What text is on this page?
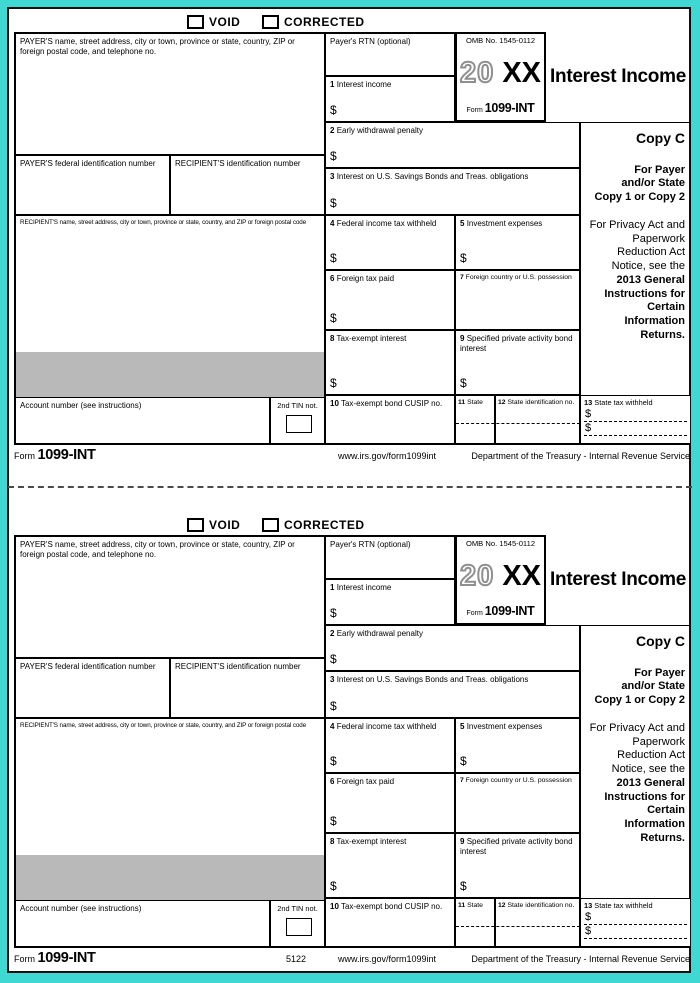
VOID	CORRECTED
PAYER'S name, street address, city or town, province or state, country, ZIP or foreign postal code, and telephone no.
PAYER'S federal identification number	RECIPIENT'S identification number
RECIPIENT'S name, street address, city or town, province or state, country, and ZIP or foreign postal code
Account number (see instructions)	2nd TIN not.
Payer's RTN (optional)
1 Interest income
$
OMB No. 1545-0112
20 XX
Form 1099-INT
Interest Income
2 Early withdrawal penalty
$
3 Interest on U.S. Savings Bonds and Treas. obligations
$
4 Federal income tax withheld
$
5 Investment expenses
$
6 Foreign tax paid
$
7 Foreign country or U.S. possession
8 Tax-exempt interest
$
9 Specified private activity bond interest
$
10 Tax-exempt bond CUSIP no.	11 State	12 State identification no.	13 State tax withheld
$
$
Copy C
For Payer
and/or State
Copy 1 or Copy 2
For Privacy Act and Paperwork Reduction Act Notice, see the 2013 General Instructions for Certain Information Returns.
Form 1099-INT	www.irs.gov/form1099int	Department of the Treasury - Internal Revenue Service
VOID	CORRECTED
PAYER'S name, street address, city or town, province or state, country, ZIP or foreign postal code, and telephone no.
PAYER'S federal identification number	RECIPIENT'S identification number
RECIPIENT'S name, street address, city or town, province or state, country, and ZIP or foreign postal code
Account number (see instructions)	2nd TIN not.
Payer's RTN (optional)
1 Interest income
$
OMB No. 1545-0112
20 XX
Form 1099-INT
Interest Income
2 Early withdrawal penalty
$
3 Interest on U.S. Savings Bonds and Treas. obligations
$
4 Federal income tax withheld
$
5 Investment expenses
$
6 Foreign tax paid
$
7 Foreign country or U.S. possession
8 Tax-exempt interest
$
9 Specified private activity bond interest
$
10 Tax-exempt bond CUSIP no.	11 State	12 State identification no.	13 State tax withheld
$
$
Copy C
For Payer
and/or State
Copy 1 or Copy 2
For Privacy Act and Paperwork Reduction Act Notice, see the 2013 General Instructions for Certain Information Returns.
Form 1099-INT	5122	www.irs.gov/form1099int	Department of the Treasury - Internal Revenue Service
